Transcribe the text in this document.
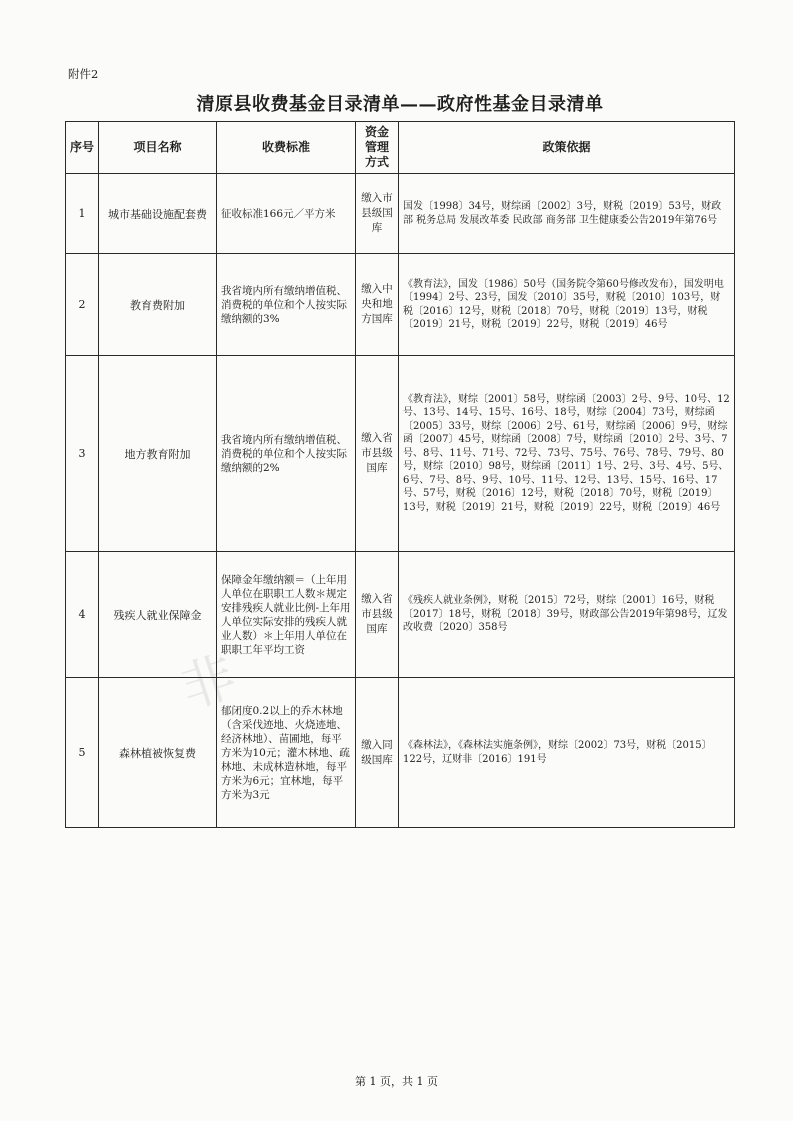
附件2
清原县收费基金目录清单——政府性基金目录清单
非
序号	项目名称	收费标准	资金管理方式	政策依据
1	城市基础设施配套费	征收标准166元／平方米	缴入市县级国库	国发〔1998〕34号，财综函〔2002〕3号，财税〔2019〕53号，财政部 税务总局 发展改革委 民政部 商务部 卫生健康委公告2019年第76号
2	教育费附加	我省境内所有缴纳增值税、消费税的单位和个人按实际缴纳额的3%	缴入中央和地方国库	《教育法》，国发〔1986〕50号（国务院令第60号修改发布），国发明电〔1994〕2号、23号，国发〔2010〕35号，财税〔2010〕103号，财税〔2016〕12号，财税〔2018〕70号，财税〔2019〕13号，财税〔2019〕21号，财税〔2019〕22号，财税〔2019〕46号
3	地方教育附加	我省境内所有缴纳增值税、消费税的单位和个人按实际缴纳额的2%	缴入省市县级国库	《教育法》，财综〔2001〕58号，财综函〔2003〕2号、9号、10号、12号、13号、14号、15号、16号、18号，财综〔2004〕73号，财综函〔2005〕33号，财综〔2006〕2号、61号，财综函〔2006〕9号，财综函〔2007〕45号，财综函〔2008〕7号，财综函〔2010〕2号、3号、7号、8号、11号、71号、72号、73号、75号、76号、78号、79号、80号，财综〔2010〕98号，财综函〔2011〕1号、2号、3号、4号、5号、6号、7号、8号、9号、10号、11号、12号、13号、15号、16号、17号、57号，财税〔2016〕12号，财税〔2018〕70号，财税〔2019〕13号，财税〔2019〕21号，财税〔2019〕22号，财税〔2019〕46号
4	残疾人就业保障金	保障金年缴纳额＝（上年用人单位在职职工人数＊规定安排残疾人就业比例-上年用人单位实际安排的残疾人就业人数）＊上年用人单位在职职工年平均工资	缴入省市县级国库	《残疾人就业条例》，财税〔2015〕72号，财综〔2001〕16号，财税〔2017〕18号，财税〔2018〕39号，财政部公告2019年第98号，辽发改收费〔2020〕358号
5	森林植被恢复费	郁闭度0.2以上的乔木林地（含采伐迹地、火烧迹地、经济林地）、苗圃地，每平方米为10元；灌木林地、疏林地、未成林造林地，每平方米为6元；宜林地，每平方米为3元	缴入同级国库	《森林法》，《森林法实施条例》，财综〔2002〕73号，财税〔2015〕122号，辽财非〔2016〕191号
第 1 页，共 1 页
